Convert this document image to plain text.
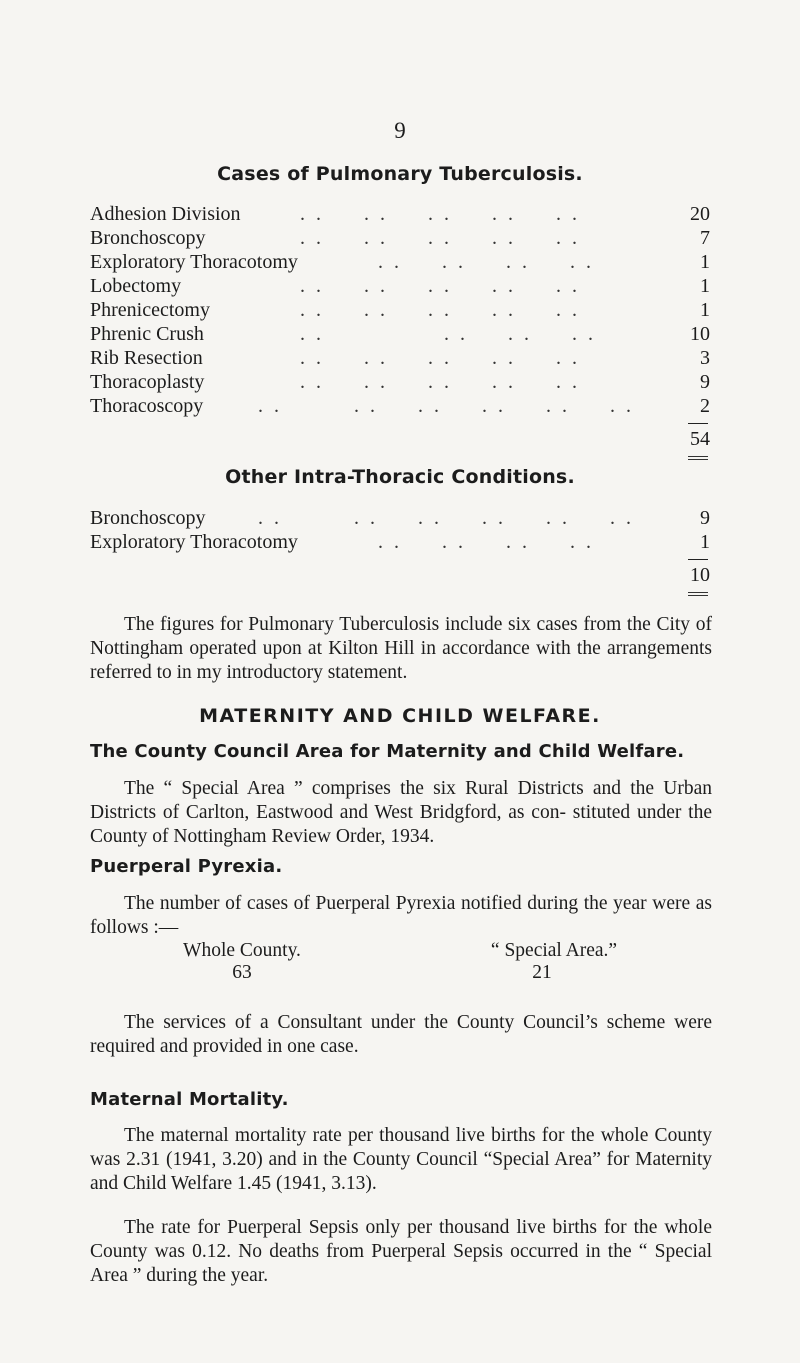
9
Cases of Pulmonary Tuberculosis.
Adhesion Division	. .     . .     . .     . .     . .	20
Bronchoscopy	. .     . .     . .     . .     . .	7
Exploratory Thoracotomy	. .     . .     . .     . .	1
Lobectomy	. .     . .     . .     . .     . .	1
Phrenicectomy	. .     . .     . .     . .     . .	1
Phrenic Crush	. .               . .     . .     . .	10
Rib Resection	. .     . .     . .     . .     . .	3
Thoracoplasty	. .     . .     . .     . .     . .	9
Thoracoscopy	. .         . .     . .     . .     . .     . .	2
54
Other Intra-Thoracic Conditions.
Bronchoscopy	. .         . .     . .     . .     . .     . .	9
Exploratory Thoracotomy	. .     . .     . .     . .	1
10
The figures for Pulmonary Tuberculosis include six cases from the City of Nottingham operated upon at Kilton Hill in accordance with the arrangements referred to in my introductory statement.
MATERNITY AND CHILD WELFARE.
The County Council Area for Maternity and Child Welfare.
The “ Special Area ” comprises the six Rural Districts and the Urban Districts of Carlton, Eastwood and West Bridgford, as con- stituted under the County of Nottingham Review Order, 1934.
Puerperal Pyrexia.
The number of cases of Puerperal Pyrexia notified during the year were as follows :—
Whole County.	“ Special Area.”
63	21
The services of a Consultant under the County Council’s scheme were required and provided in one case.
Maternal Mortality.
The maternal mortality rate per thousand live births for the whole County was 2.31 (1941, 3.20) and in the County Council “Special Area” for Maternity and Child Welfare 1.45 (1941, 3.13).
The rate for Puerperal Sepsis only per thousand live births for the whole County was 0.12. No deaths from Puerperal Sepsis occurred in the “ Special Area ” during the year.
